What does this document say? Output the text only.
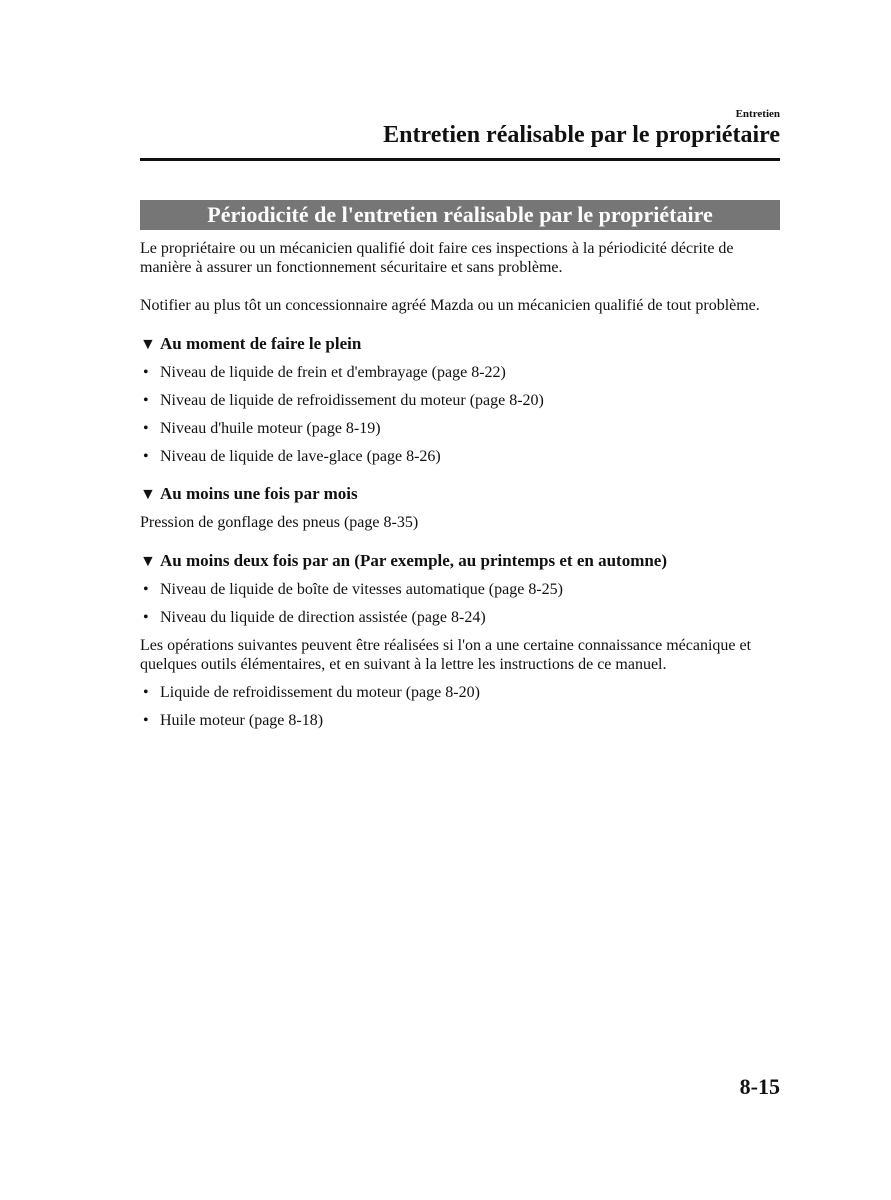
Entretien
Entretien réalisable par le propriétaire
Périodicité de l'entretien réalisable par le propriétaire

Le propriétaire ou un mécanicien qualifié doit faire ces inspections à la périodicité décrite de manière à assurer un fonctionnement sécuritaire et sans problème.

Notifier au plus tôt un concessionnaire agréé Mazda ou un mécanicien qualifié de tout problème.

▼ Au moment de faire le plein
• Niveau de liquide de frein et d'embrayage (page 8-22)
• Niveau de liquide de refroidissement du moteur (page 8-20)
• Niveau d'huile moteur (page 8-19)
• Niveau de liquide de lave-glace (page 8-26)
▼ Au moins une fois par mois

Pression de gonflage des pneus (page 8-35)

▼ Au moins deux fois par an (Par exemple, au printemps et en automne)
• Niveau de liquide de boîte de vitesses automatique (page 8-25)
• Niveau du liquide de direction assistée (page 8-24)

Les opérations suivantes peuvent être réalisées si l'on a une certaine connaissance mécanique et quelques outils élémentaires, et en suivant à la lettre les instructions de ce manuel.

• Liquide de refroidissement du moteur (page 8-20)
• Huile moteur (page 8-18)
8-15
